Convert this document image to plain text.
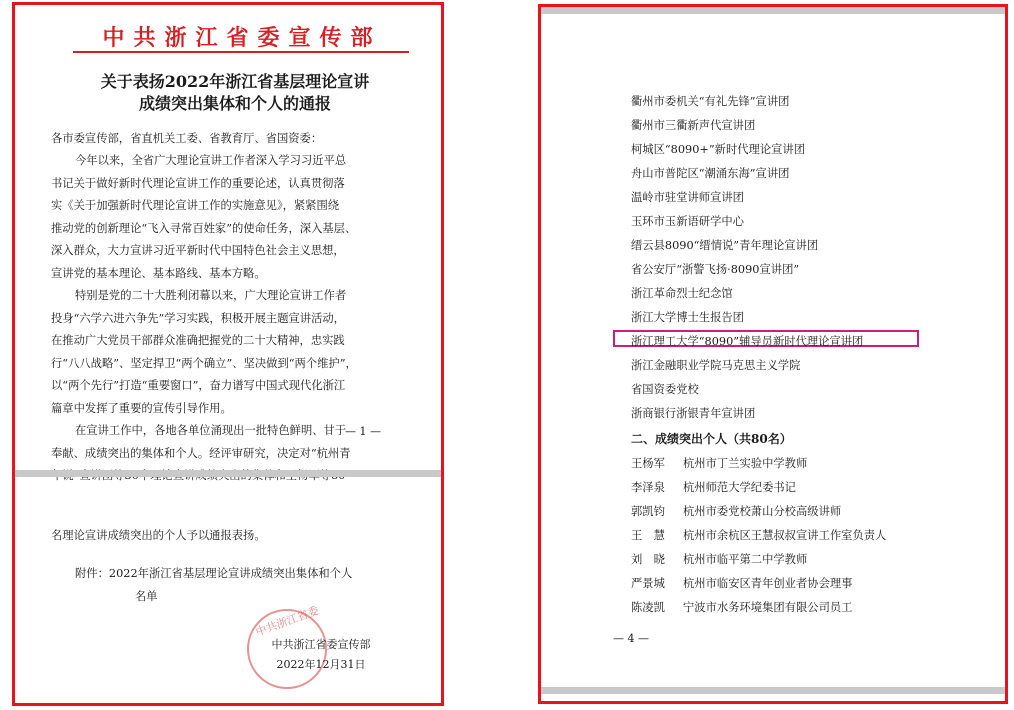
中共浙江省委宣传部
关于表扬2022年浙江省基层理论宣讲
成绩突出集体和个人的通报
各市委宣传部，省直机关工委、省教育厅、省国资委：
今年以来，全省广大理论宣讲工作者深入学习习近平总
书记关于做好新时代理论宣讲工作的重要论述，认真贯彻落
实《关于加强新时代理论宣讲工作的实施意见》，紧紧围绕
推动党的创新理论“飞入寻常百姓家”的使命任务，深入基层、
深入群众，大力宣讲习近平新时代中国特色社会主义思想，
宣讲党的基本理论、基本路线、基本方略。
特别是党的二十大胜利闭幕以来，广大理论宣讲工作者
投身“六学六进六争先”学习实践，积极开展主题宣讲活动，
在推动广大党员干部群众准确把握党的二十大精神，忠实践
行“八八战略”、坚定捍卫“两个确立”、坚决做到“两个维护”，
以“两个先行”打造“重要窗口”，奋力谱写中国式现代化浙江
篇章中发挥了重要的宣传引导作用。
在宣讲工作中，各地各单位涌现出一批特色鲜明、甘于
奉献、成绩突出的集体和个人。经评审研究，决定对“杭州青
— 1 —
名理论宣讲成绩突出的个人予以通报表扬。
附件：2022年浙江省基层理论宣讲成绩突出集体和个人
名单
中共浙江省委
中共浙江省委宣传部
2022年12月31日
衢州市委机关“有礼先锋”宣讲团
衢州市三衢新声代宣讲团
柯城区“8090+”新时代理论宣讲团
舟山市普陀区“潮涌东海”宣讲团
温岭市驻堂讲师宣讲团
玉环市玉新语研学中心
缙云县8090“缙情说”青年理论宣讲团
省公安厅“浙警飞扬·8090宣讲团”
浙江革命烈士纪念馆
浙江大学博士生报告团
浙江理工大学“8090”辅导员新时代理论宣讲团
浙江金融职业学院马克思主义学院
省国资委党校
浙商银行浙银青年宣讲团
二、成绩突出个人（共80名）
王杨军	杭州市丁兰实验中学教师
李泽泉	杭州师范大学纪委书记
郭凯钧	杭州市委党校萧山分校高级讲师
王　慧	杭州市余杭区王慧叔叔宣讲工作室负责人
刘　晓	杭州市临平第二中学教师
严景城	杭州市临安区青年创业者协会理事
陈凌凯	宁波市水务环境集团有限公司员工
— 4 —
